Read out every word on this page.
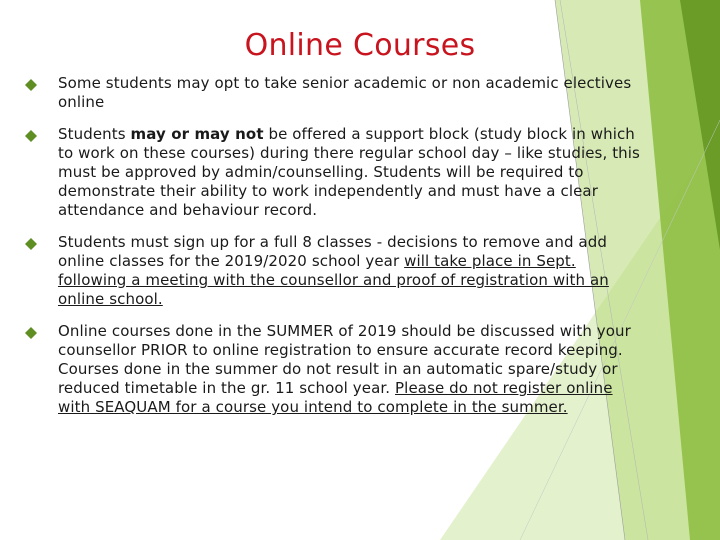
Online Courses
Some students may opt to take senior academic or non academic electives online
Students may or may not be offered a support block (study block in which to work on these courses) during there regular school day – like studies, this must be approved by admin/counselling. Students will be required to demonstrate their ability to work independently and must have a clear attendance and behaviour record.
Students must sign up for a full 8 classes - decisions to remove and add online classes for the 2019/2020 school year will take place in Sept. following a meeting with the counsellor and proof of registration with an online school.
Online courses done in the SUMMER of 2019 should be discussed with your counsellor PRIOR to online registration to ensure accurate record keeping. Courses done in the summer do not result in an automatic spare/study or reduced timetable in the gr. 11 school year. Please do not register online with SEAQUAM for a course you intend to complete in the summer.
